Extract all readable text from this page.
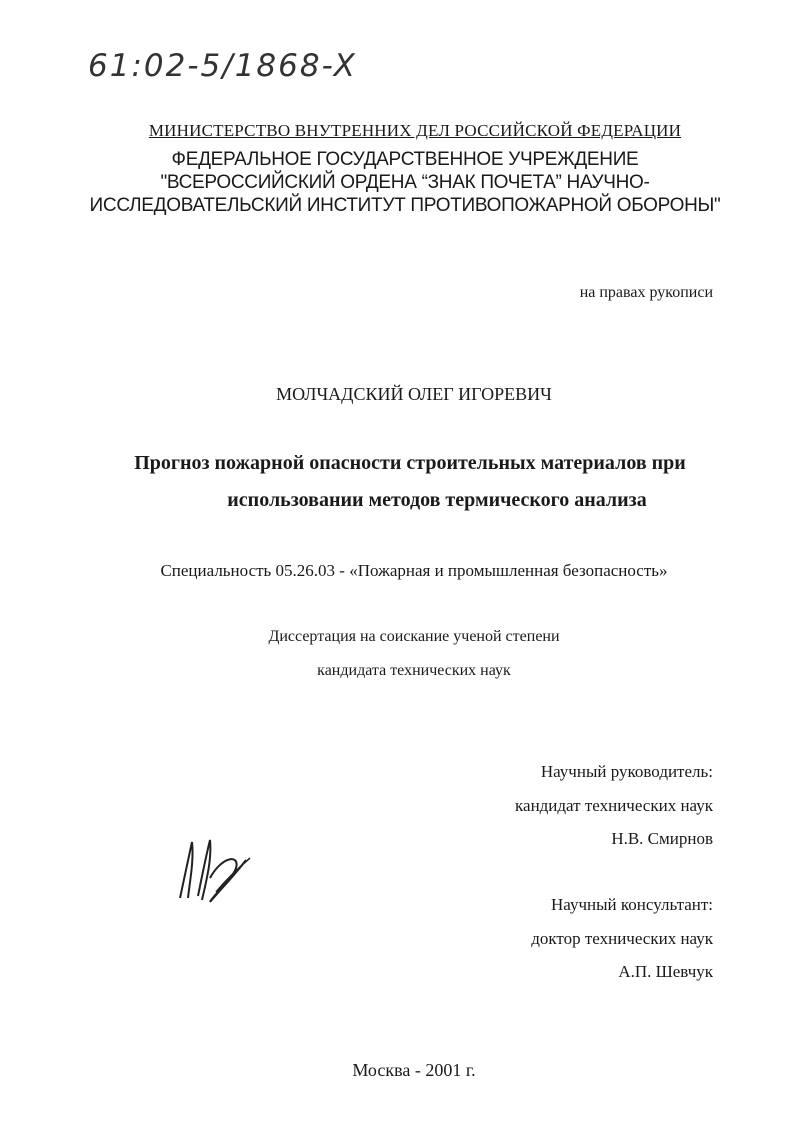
61:02-5/1868-X
МИНИСТЕРСТВО ВНУТРЕННИХ ДЕЛ РОССИЙСКОЙ ФЕДЕРАЦИИ
ФЕДЕРАЛЬНОЕ ГОСУДАРСТВЕННОЕ УЧРЕЖДЕНИЕ
"ВСЕРОССИЙСКИЙ ОРДЕНА “ЗНАК ПОЧЕТА” НАУЧНО-
ИССЛЕДОВАТЕЛЬСКИЙ ИНСТИТУТ ПРОТИВОПОЖАРНОЙ ОБОРОНЫ"
на правах рукописи
МОЛЧАДСКИЙ ОЛЕГ ИГОРЕВИЧ
Прогноз пожарной опасности строительных материалов при
использовании методов термического анализа
Специальность 05.26.03 - «Пожарная и промышленная безопасность»
Диссертация на соискание ученой степени
кандидата технических наук
Научный руководитель:
кандидат технических наук
Н.В. Смирнов
Научный консультант:
доктор технических наук
А.П. Шевчук
Москва - 2001 г.
